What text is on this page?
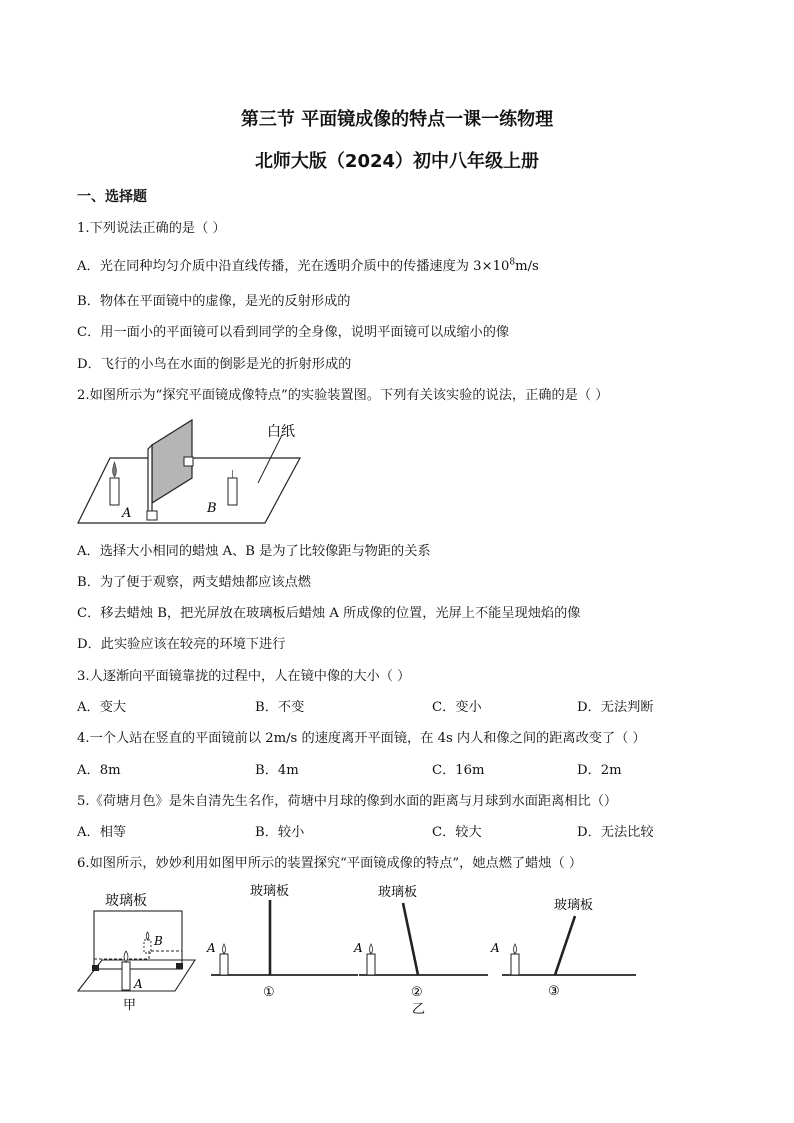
第三节 平面镜成像的特点一课一练物理
北师大版（2024）初中八年级上册
一、选择题
1.下列说法正确的是（ ）
A．光在同种均匀介质中沿直线传播，光在透明介质中的传播速度为 $3\times 10^8m/s$
B．物体在平面镜中的虚像，是光的反射形成的
C．用一面小的平面镜可以看到同学的全身像，说明平面镜可以成缩小的像
D．飞行的小鸟在水面的倒影是光的折射形成的
2.如图所示为“探究平面镜成像特点”的实验装置图。下列有关该实验的说法，正确的是（ ）
白纸
A	B
A．选择大小相同的蜡烛 A、B 是为了比较像距与物距的关系
B．为了便于观察，两支蜡烛都应该点燃
C．移去蜡烛 B，把光屏放在玻璃板后蜡烛 A 所成像的位置，光屏上不能呈现烛焰的像
D．此实验应该在较亮的环境下进行
3.人逐渐向平面镜靠拢的过程中，人在镜中像的大小（ ）
A．变大	B．不变	C．变小	D．无法判断
4.一个人站在竖直的平面镜前以 2m/s 的速度离开平面镜，在 4s 内人和像之间的距离改变了（ ）
A．8m	B．4m	C．16m	D．2m
5.《荷塘月色》是朱自清先生名作，荷塘中月球的像到水面的距离与月球到水面距离相比（）
A．相等	B．较小	C．较大	D．无法比较
6.如图所示，妙妙利用如图甲所示的装置探究“平面镜成像的特点”，她点燃了蜡烛（ ）
玻璃板
B
A
甲
A
玻璃板
①
A
玻璃板
②
乙
A
玻璃板
③
